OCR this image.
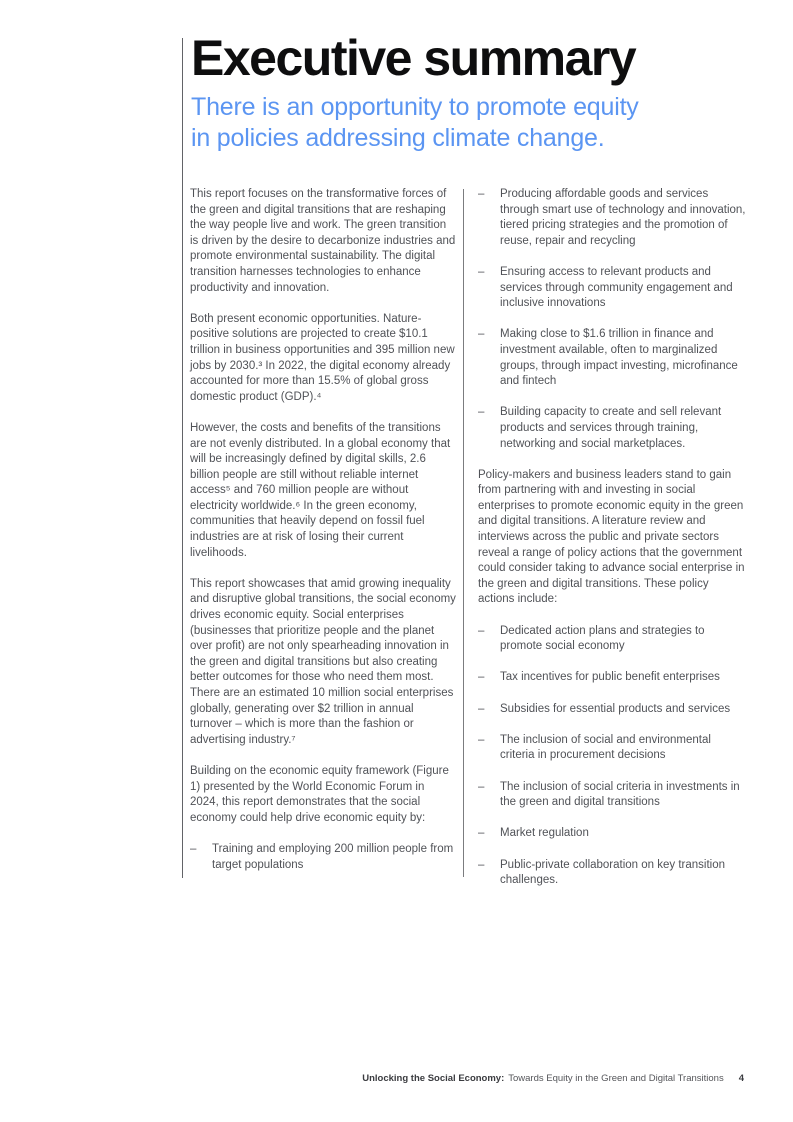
Executive summary
There is an opportunity to promote equity
in policies addressing climate change.

This report focuses on the transformative forces of the green and digital transitions that are reshaping the way people live and work. The green transition is driven by the desire to decarbonize industries and promote environmental sustainability. The digital transition harnesses technologies to enhance productivity and innovation.

Both present economic opportunities. Nature-positive solutions are projected to create $10.1 trillion in business opportunities and 395 million new jobs by 2030.³ In 2022, the digital economy already accounted for more than 15.5% of global gross domestic product (GDP).⁴

However, the costs and benefits of the transitions are not evenly distributed. In a global economy that will be increasingly defined by digital skills, 2.6 billion people are still without reliable internet access⁵ and 760 million people are without electricity worldwide.⁶ In the green economy, communities that heavily depend on fossil fuel industries are at risk of losing their current livelihoods.

This report showcases that amid growing inequality and disruptive global transitions, the social economy drives economic equity. Social enterprises (businesses that prioritize people and the planet over profit) are not only spearheading innovation in the green and digital transitions but also creating better outcomes for those who need them most. There are an estimated 10 million social enterprises globally, generating over $2 trillion in annual turnover – which is more than the fashion or advertising industry.⁷

Building on the economic equity framework (Figure 1) presented by the World Economic Forum in 2024, this report demonstrates that the social economy could help drive economic equity by:

–	Training and employing 200 million people from target populations
–	Producing affordable goods and services through smart use of technology and innovation, tiered pricing strategies and the promotion of reuse, repair and recycling
–	Ensuring access to relevant products and services through community engagement and inclusive innovations
–	Making close to $1.6 trillion in finance and investment available, often to marginalized groups, through impact investing, microfinance and fintech
–	Building capacity to create and sell relevant products and services through training, networking and social marketplaces.

Policy-makers and business leaders stand to gain from partnering with and investing in social enterprises to promote economic equity in the green and digital transitions. A literature review and interviews across the public and private sectors reveal a range of policy actions that the government could consider taking to advance social enterprise in the green and digital transitions. These policy actions include:

–	Dedicated action plans and strategies to promote social economy
–	Tax incentives for public benefit enterprises
–	Subsidies for essential products and services
–	The inclusion of social and environmental criteria in procurement decisions
–	The inclusion of social criteria in investments in the green and digital transitions
–	Market regulation
–	Public-private collaboration on key transition challenges.
Unlocking the Social Economy: Towards Equity in the Green and Digital Transitions 4
